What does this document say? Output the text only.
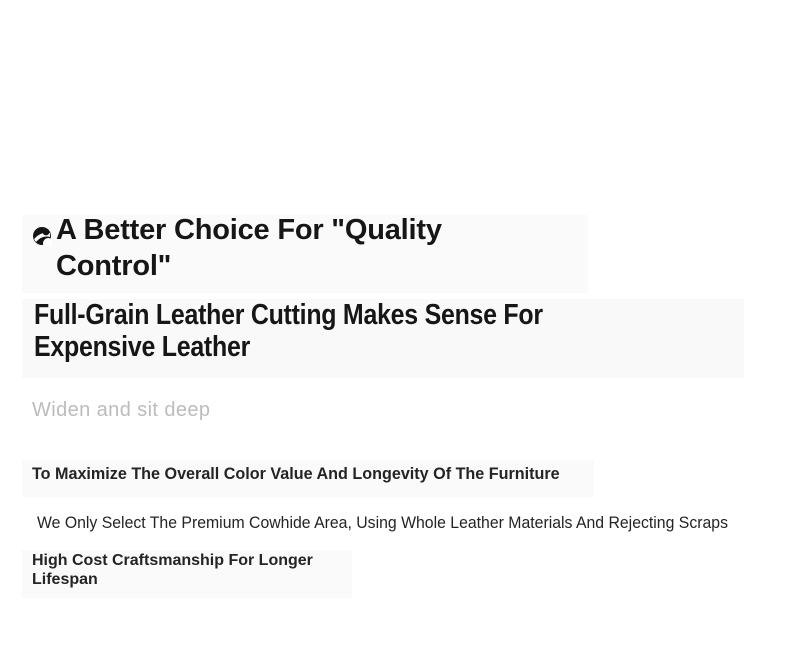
A Better Choice For "Quality Control"
Full-Grain Leather Cutting Makes Sense For Expensive Leather

Widen and sit deep

To Maximize The Overall Color Value And Longevity Of The Furniture

We Only Select The Premium Cowhide Area, Using Whole Leather Materials And Rejecting Scraps

High Cost Craftsmanship For Longer Lifespan
